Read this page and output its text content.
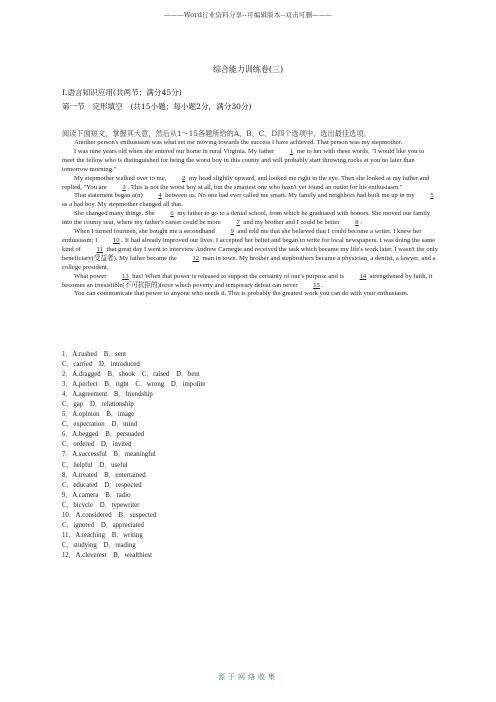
———Word行业资料分享--可编辑版本--双击可删———
综合能力训练卷(三)
Ⅰ.语言知识应用(共两节；满分45分)
第一节　完形填空　(共15小题；每小题2分，满分30分)
阅读下面短文，掌握其大意，然后从1～15各题所给的A、B、C、D四个选项中，选出最佳选项。

Another person's enthusiasm was what set me moving towards the success I have achieved. That person was my stepmother.

I was nine years old when she entered our home in rural Virginia. My father 1 me to her with these words, "I would like you to meet the fellow who is distinguished for being the worst boy in this county and will probably start throwing rocks at you no later than tomorrow morning."

My stepmother walked over to me, 2 my head slightly upward, and looked me right in the eye. Then she looked at my father and replied, "You are 3 . This is not the worst boy at all, but the smartest one who hasn't yet found an outlet for his enthusiasm."

That statement began a(n) 4 between us. No one had ever called me smart. My family and neighbors had built me up in my 5 as a bad boy. My stepmother changed all that.

She changed many things. She 6 my father to go to a dental school, from which he graduated with honors. She moved our family into the county seat, where my father's career could be more 7 and my brother and I could be better 8 .

When I turned fourteen, she bought me a secondhand 9 and told me that she believed that I could become a writer. I knew her enthusiasm; I 10 . It had already improved our lives. I accepted her belief and began to write for local newspapers. I was doing the same kind of 11 that great day I went to interview Andrew Carnegie and received the task which became my life's work later. I wasn't the only beneficiary(受益者). My father became the 12 man in town. My brother and stepbrothers became a physician, a dentist, a lawyer, and a college president.

What power 13 has! When that power is released to support the certainty of one's purpose and is 14 strengthened by faith, it becomes an irresistible(不可抗拒的)force which poverty and temporary defeat can never 15 .

You can communicate that power to anyone who needs it. This is probably the greatest work you can do with your enthusiasm.

1．A.rushed　B．sent
C．carried　D．introduced
2．A.dragged　B．shook　C．raised　D．bent
3．A.perfect　B．right　C．wrong　D．impolite
4．A.agreement　B．friendship
C．gap　D．relationship
5．A.opinion　B．image
C．expectation　D．mind
6．A.begged　B．persuaded
C．ordered　D．invited
7．A.successful　B．meaningful
C．helpful　D．useful
8．A.treated　B．entertained
C．educated　D．respected
9．A.camera　B．radio
C．bicycle　D．typewriter
10．A.considered　B．suspected
C．ignored　D．appreciated
11．A.teaching　B．writing
C．studying　D．reading
12．A.cleverest　B．wealthiest
源于网络收集
